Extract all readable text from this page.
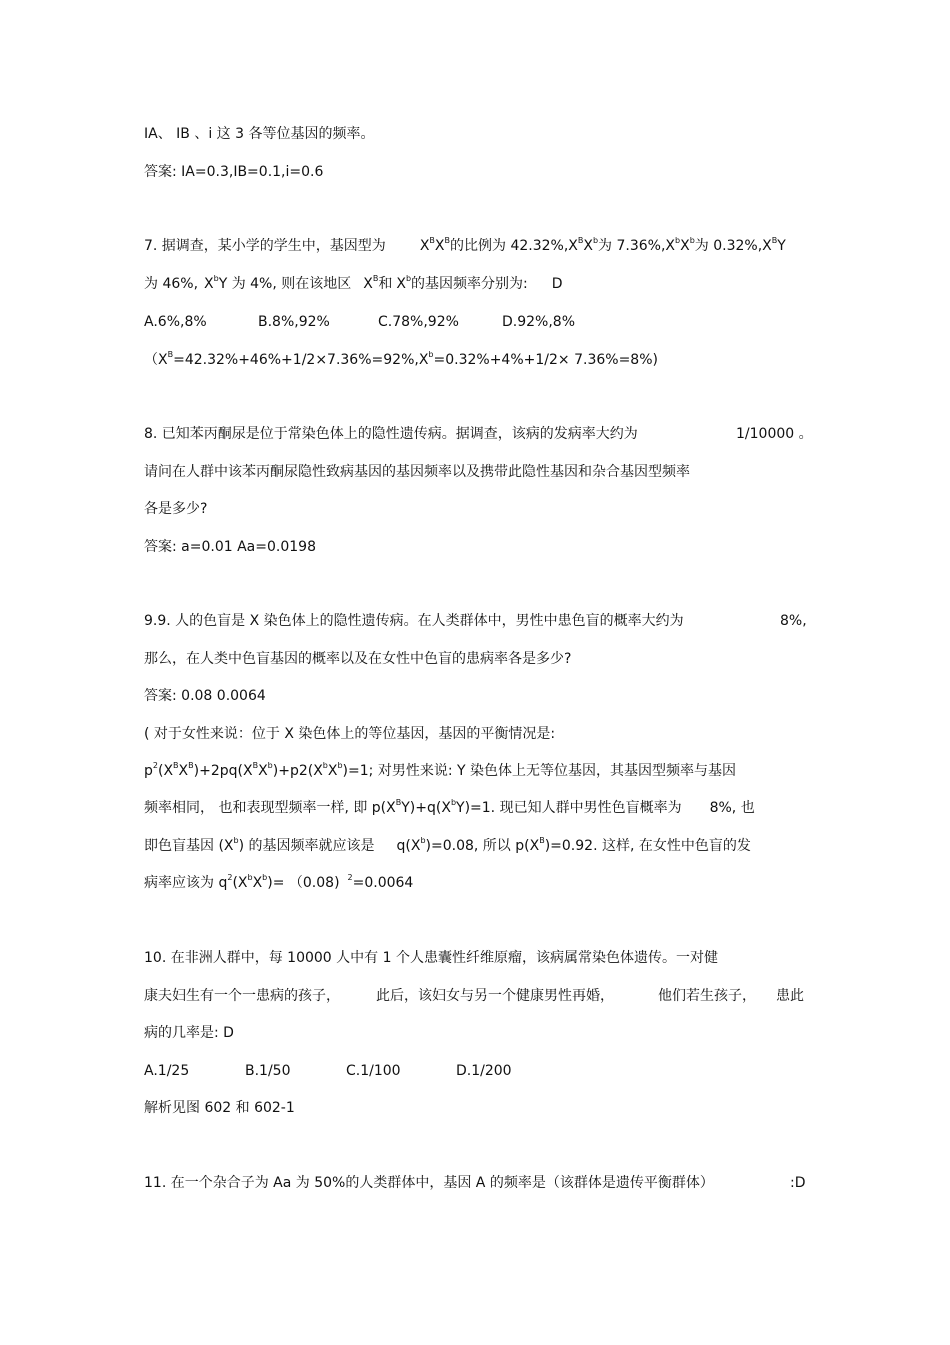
IA、 IB 、i 这 3 各等位基因的频率。
答案: IA=0.3,IB=0.1,i=0.6
7. 据调查，某小学的学生中，基因型为 $X^BX^B$的比例为 $42.32\%,X^BX^b$为 $7.36\%,X^bX^b$为 $0.32\%,X^BY$
为 46%, $X^bY$ 为 4%, 则在该地区 $X^B$和 $X^b$的基因频率分别为: D
A.6%,8%	B.8%,92%	C.78%,92%	D.92%,8%
$(X^B=42.32\%+46\%+1/2\times 7.36\%=92\%,X^b=0.32\%+4\%+1/2\times 7.36\%=8\%)$
8. 已知苯丙酮尿是位于常染色体上的隐性遗传病。据调查，该病的发病率大约为	1/10000 。
请问在人群中该苯丙酮尿隐性致病基因的基因频率以及携带此隐性基因和杂合基因型频率
各是多少?
答案: a=0.01 Aa=0.0198
9.9. 人的色盲是 X 染色体上的隐性遗传病。在人类群体中，男性中患色盲的概率大约为	8%,
那么，在人类中色盲基因的概率以及在女性中色盲的患病率各是多少?
答案: 0.08 0.0064
( 对于女性来说：位于 X 染色体上的等位基因，基因的平衡情况是:
$p^2(X^BX^B)+2pq(X^BX^b)+p2(X^bX^b)=1$; 对男性来说: Y 染色体上无等位基因，其基因型频率与基因
频率相同， 也和表现型频率一样, 即 $p(X^BY)+q(X^bY)=1$. 现已知人群中男性色盲概率为 8%, 也
即色盲基因 $(X^b)$ 的基因频率就应该是 $q(X^b)=0.08$, 所以 $p(X^B)=0.92$. 这样, 在女性中色盲的发
病率应该为 $q^2(X^bX^b)= (0.08)$ $^2$=0.0064
10. 在非洲人群中，每 10000 人中有 1 个人患囊性纤维原瘤，该病属常染色体遗传。一对健
康夫妇生有一个一患病的孩子，	此后，该妇女与另一个健康男性再婚，	他们若生孩子， 患此
病的几率是: D
A.1/25	B.1/50	C.1/100	D.1/200
解析见图 602 和 602-1
11. 在一个杂合子为 Aa 为 50%的人类群体中，基因 A 的频率是（该群体是遗传平衡群体）	:D
